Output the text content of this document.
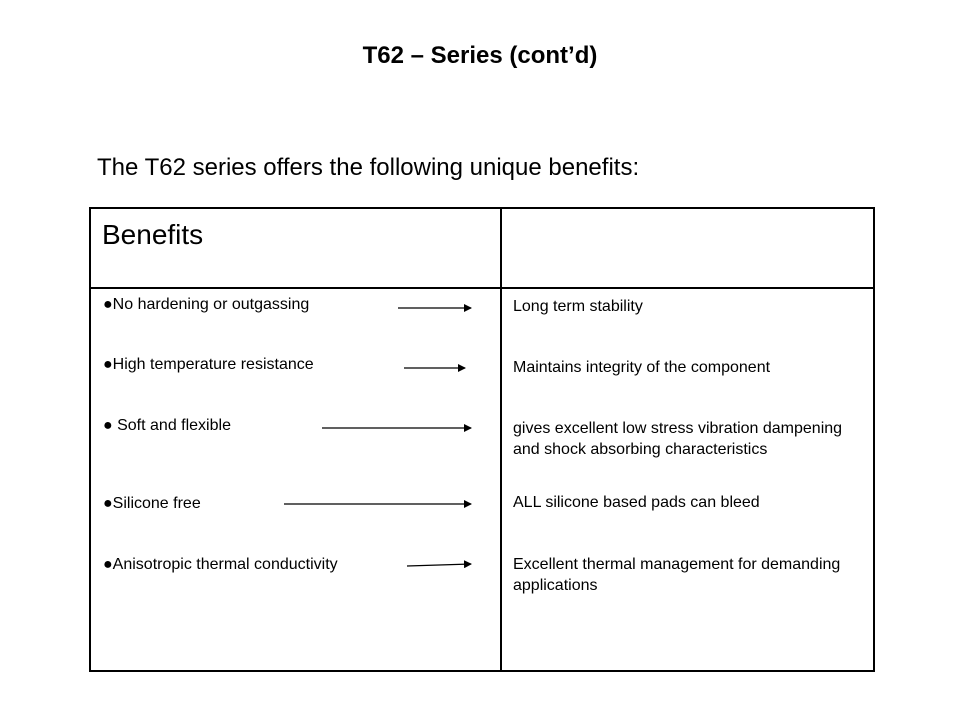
T62 – Series (cont’d)
The T62 series offers the following unique benefits:
Benefits
●No hardening or outgassing
●High temperature resistance
● Soft and flexible
●Silicone free
●Anisotropic thermal conductivity
Long term stability
Maintains integrity of the component
gives excellent low stress vibration dampening and shock absorbing characteristics
ALL silicone based pads can bleed
Excellent thermal management for demanding applications
